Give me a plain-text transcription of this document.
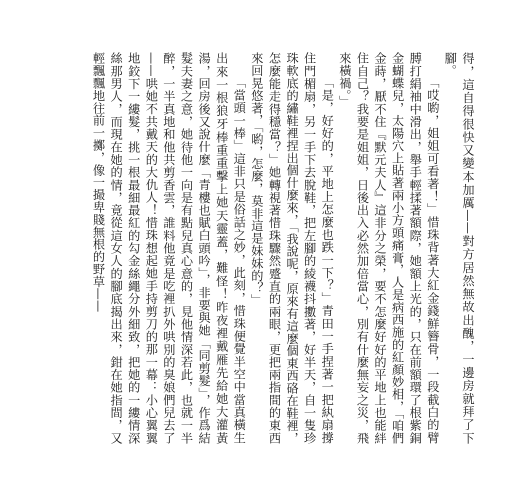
得，這自得很快又變本加厲——對方居然無故出醜，一邊房就拜了下腳。

「哎喲，姐姐可看著！」惜珠背著大紅金錢鮮簪骨，一段截白的臂膊打絹袖中滑出，舉手輕揉著額際，她額上光的，只在前額環了根紫銅金蝴蝶兒，太陽穴上貼著兩小方頭痛膏，人是病西施的紅顏妙相，「咱們金蒔，厭不住『默元夫人』這非分之榮，要不怎麼好好的平地上也能絆住自己？我要是姐姐，日後出入必然加倍當心，別有什麼無妄之災，飛來橫禍。」

「是，好好的，平地上怎麼也跌一下？」青田一手捏著一把紈扇撐住門楣扇，另一手下去脫鞋，把左腳的綾襪抖擻著，好半天，自一隻珍珠軟底的繡鞋裡捏出個什麼來，「我說呢，原來有這麼個東西硌在鞋裡，怎麼能走得穩當？」她轉視著惜珠驟然蹙直的兩眼，更把兩指間的東西來回晃悠著，「喲，怎麼，莫非這是妹妹的？」

「當頭一棒」這非只是俗話之妙，此刻，惜珠便覺半空中當真橫生出來一根狼牙棒重重擊上她天靈蓋，難怪！昨夜裡戴雁先給她大灌黃湯，回房後又說什麼「青樓也賦白頭吟」，非要與她「同剪髮」，作爲結髮夫妻之意，她待他一向是有點兒真心意的，見他情深若此，也就一半醉，一半真地和他共剪香雲，誰料他竟是吃裡扒外哄別的臭娘們兒去了——哄她不共戴天的大仇人！惜珠想起她手持剪刀的那一幕：小心翼翼地鉸下一縷髮，挑一根最細最紅的勾金絲繩分外細致，把她的一縷情深絲那男人，而現在她的情，竟從這女人的腳底揭出來，鉗在她指間，又輕飄飄地往前一擲，像一撮卑賤無根的野草——
